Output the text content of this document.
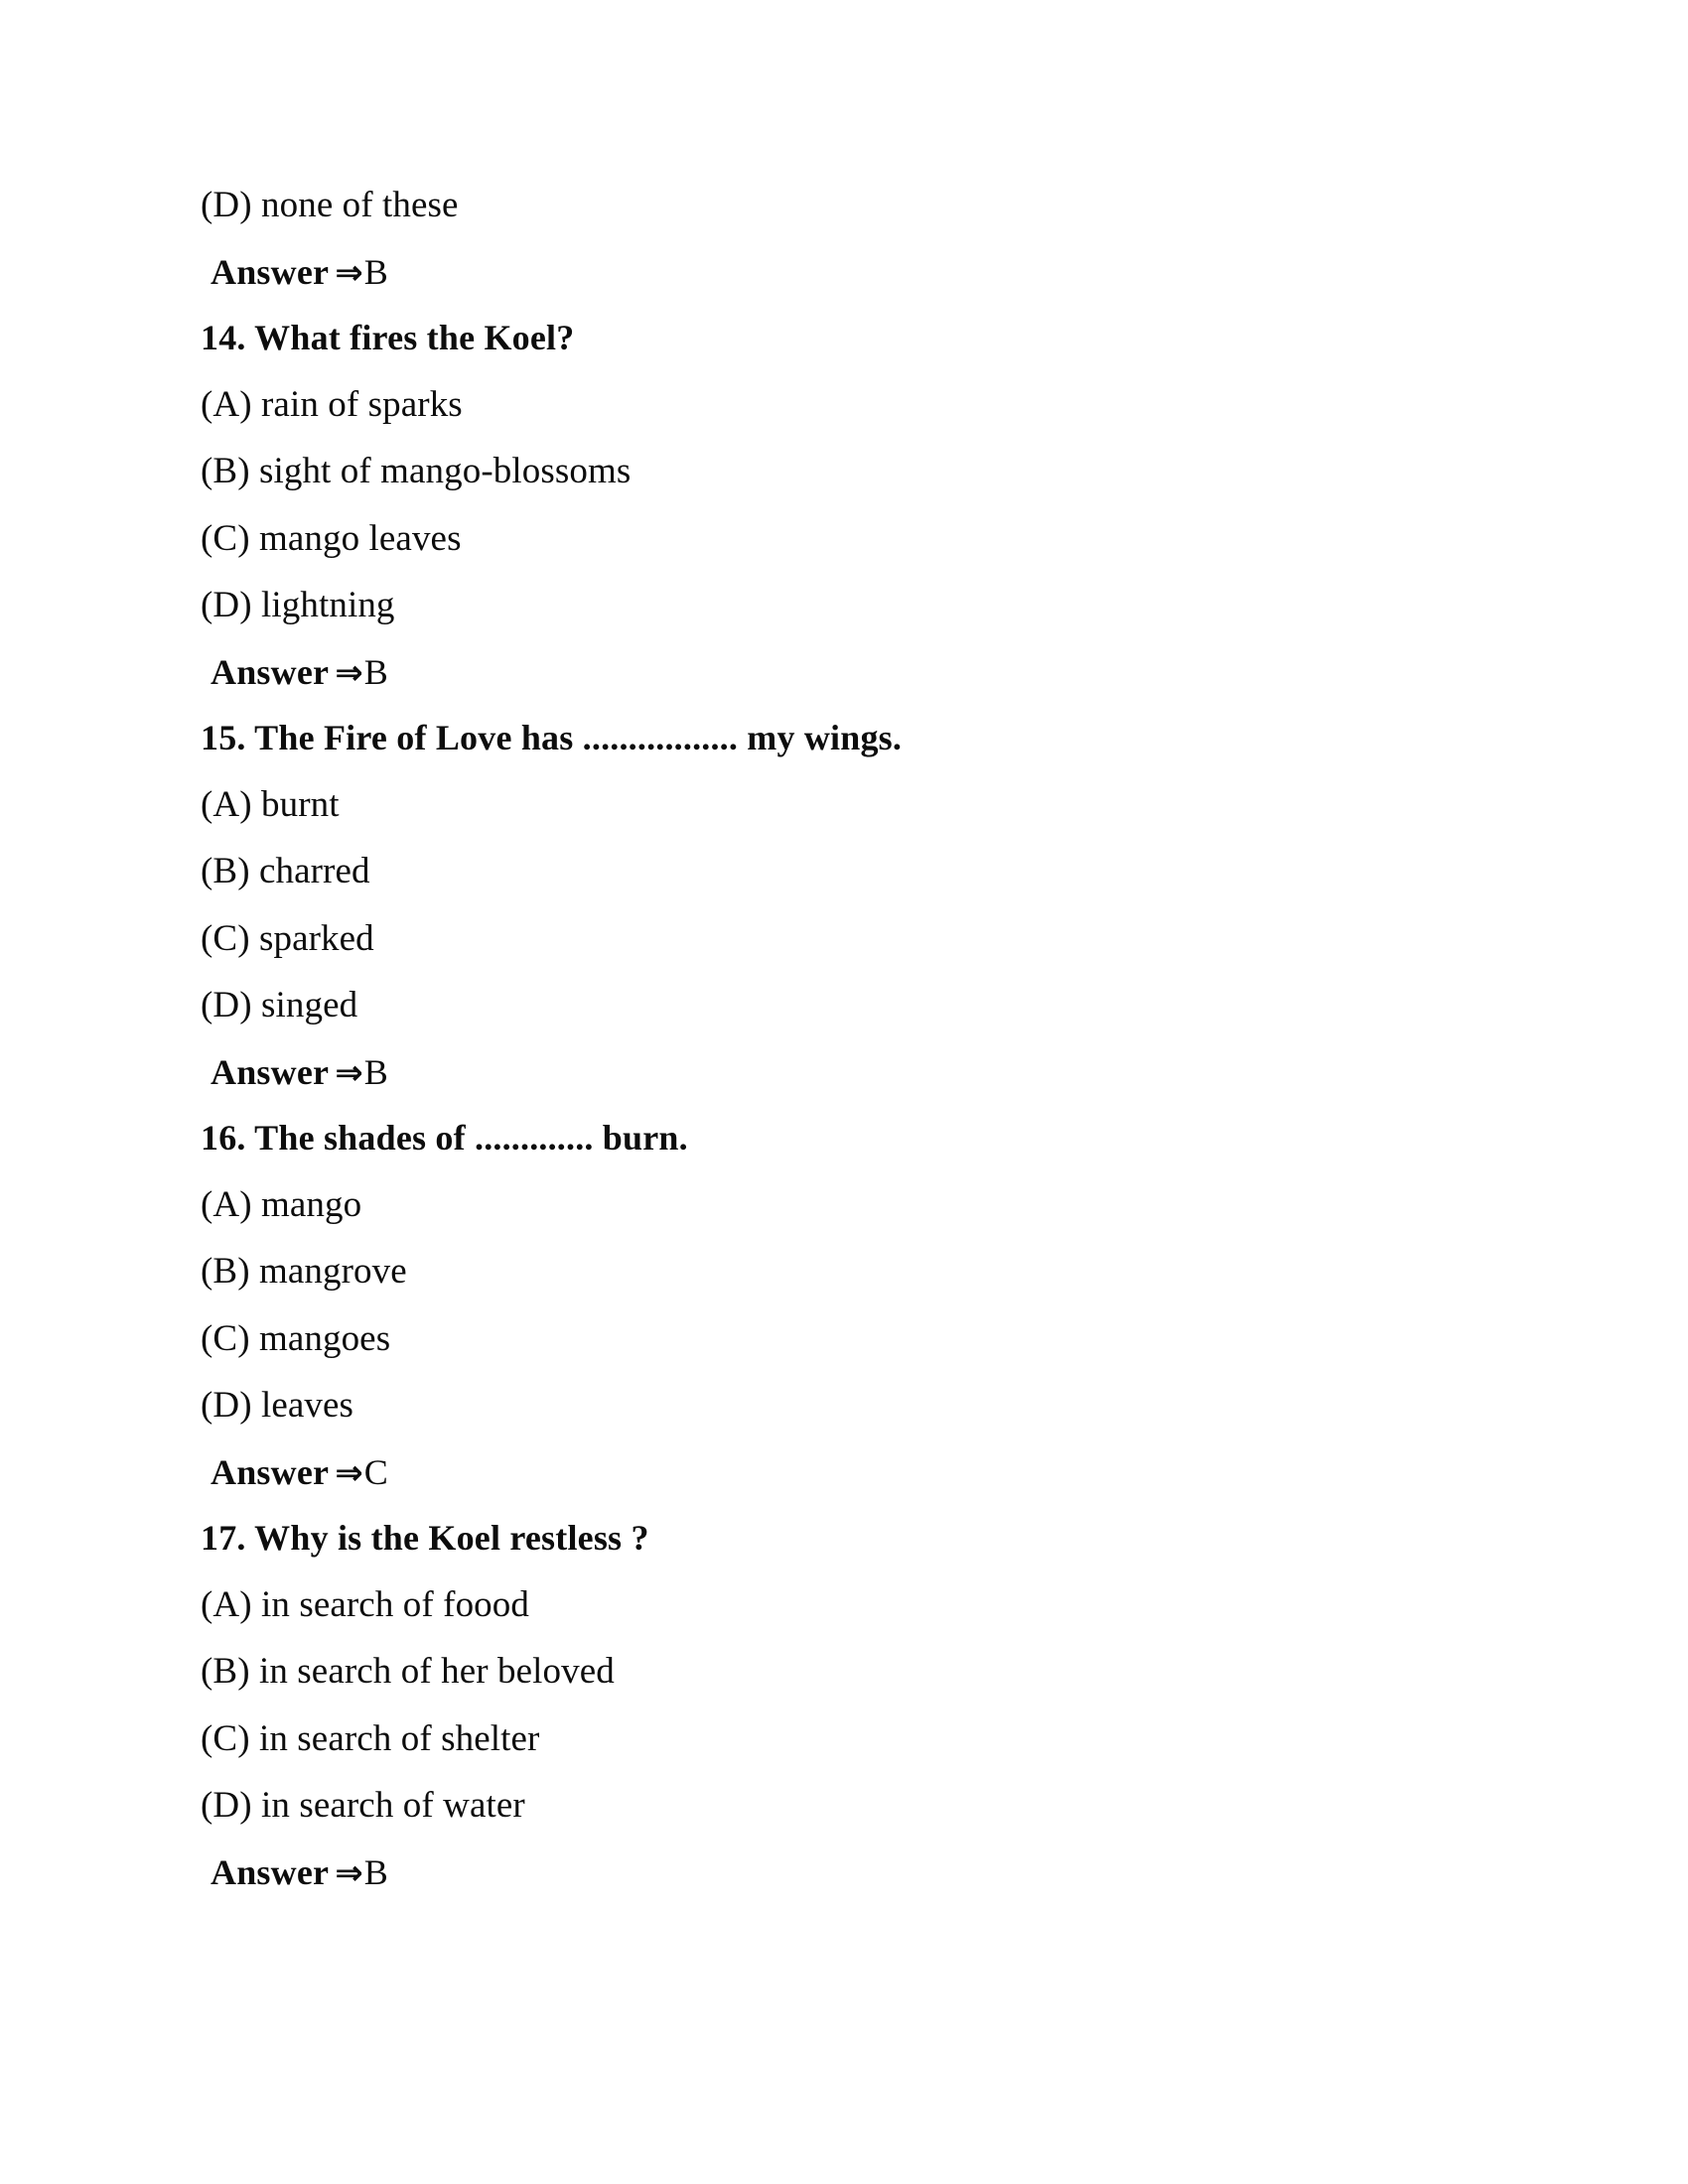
(D) none of these
Answer ⇒B
14. What fires the Koel?
(A) rain of sparks
(B) sight of mango-blossoms
(C) mango leaves
(D) lightning
Answer ⇒B
15. The Fire of Love has ................. my wings.
(A) burnt
(B) charred
(C) sparked
(D) singed
Answer ⇒B
16. The shades of ............. burn.
(A) mango
(B) mangrove
(C) mangoes
(D) leaves
Answer ⇒C
17. Why is the Koel restless ?
(A) in search of foood
(B) in search of her beloved
(C) in search of shelter
(D) in search of water
Answer ⇒B
